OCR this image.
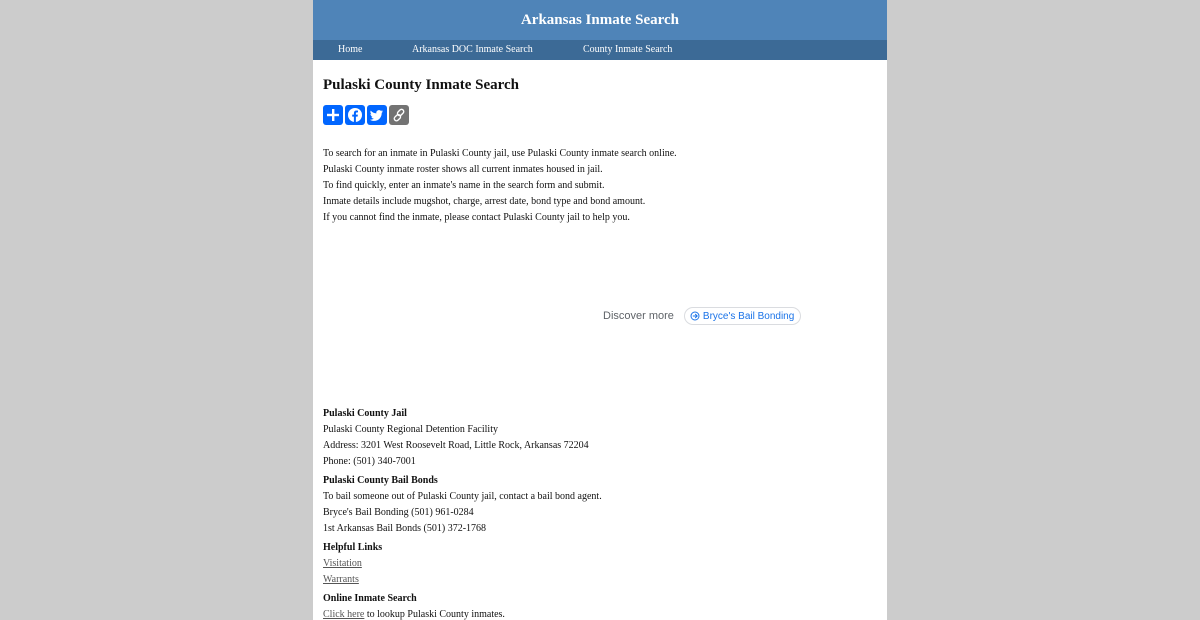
Arkansas Inmate Search
Home	Arkansas DOC Inmate Search	County Inmate Search
Pulaski County Inmate Search
To search for an inmate in Pulaski County jail, use Pulaski County inmate search online.
Pulaski County inmate roster shows all current inmates housed in jail.
To find quickly, enter an inmate's name in the search form and submit.
Inmate details include mugshot, charge, arrest date, bond type and bond amount.
If you cannot find the inmate, please contact Pulaski County jail to help you.
Discover more	Bryce's Bail Bonding
Pulaski County Jail
Pulaski County Regional Detention Facility
Address: 3201 West Roosevelt Road, Little Rock, Arkansas 72204
Phone: (501) 340-7001
Pulaski County Bail Bonds
To bail someone out of Pulaski County jail, contact a bail bond agent.
Bryce's Bail Bonding (501) 961-0284
1st Arkansas Bail Bonds (501) 372-1768
Helpful Links
Visitation
Warrants
Online Inmate Search
Click here to lookup Pulaski County inmates.
